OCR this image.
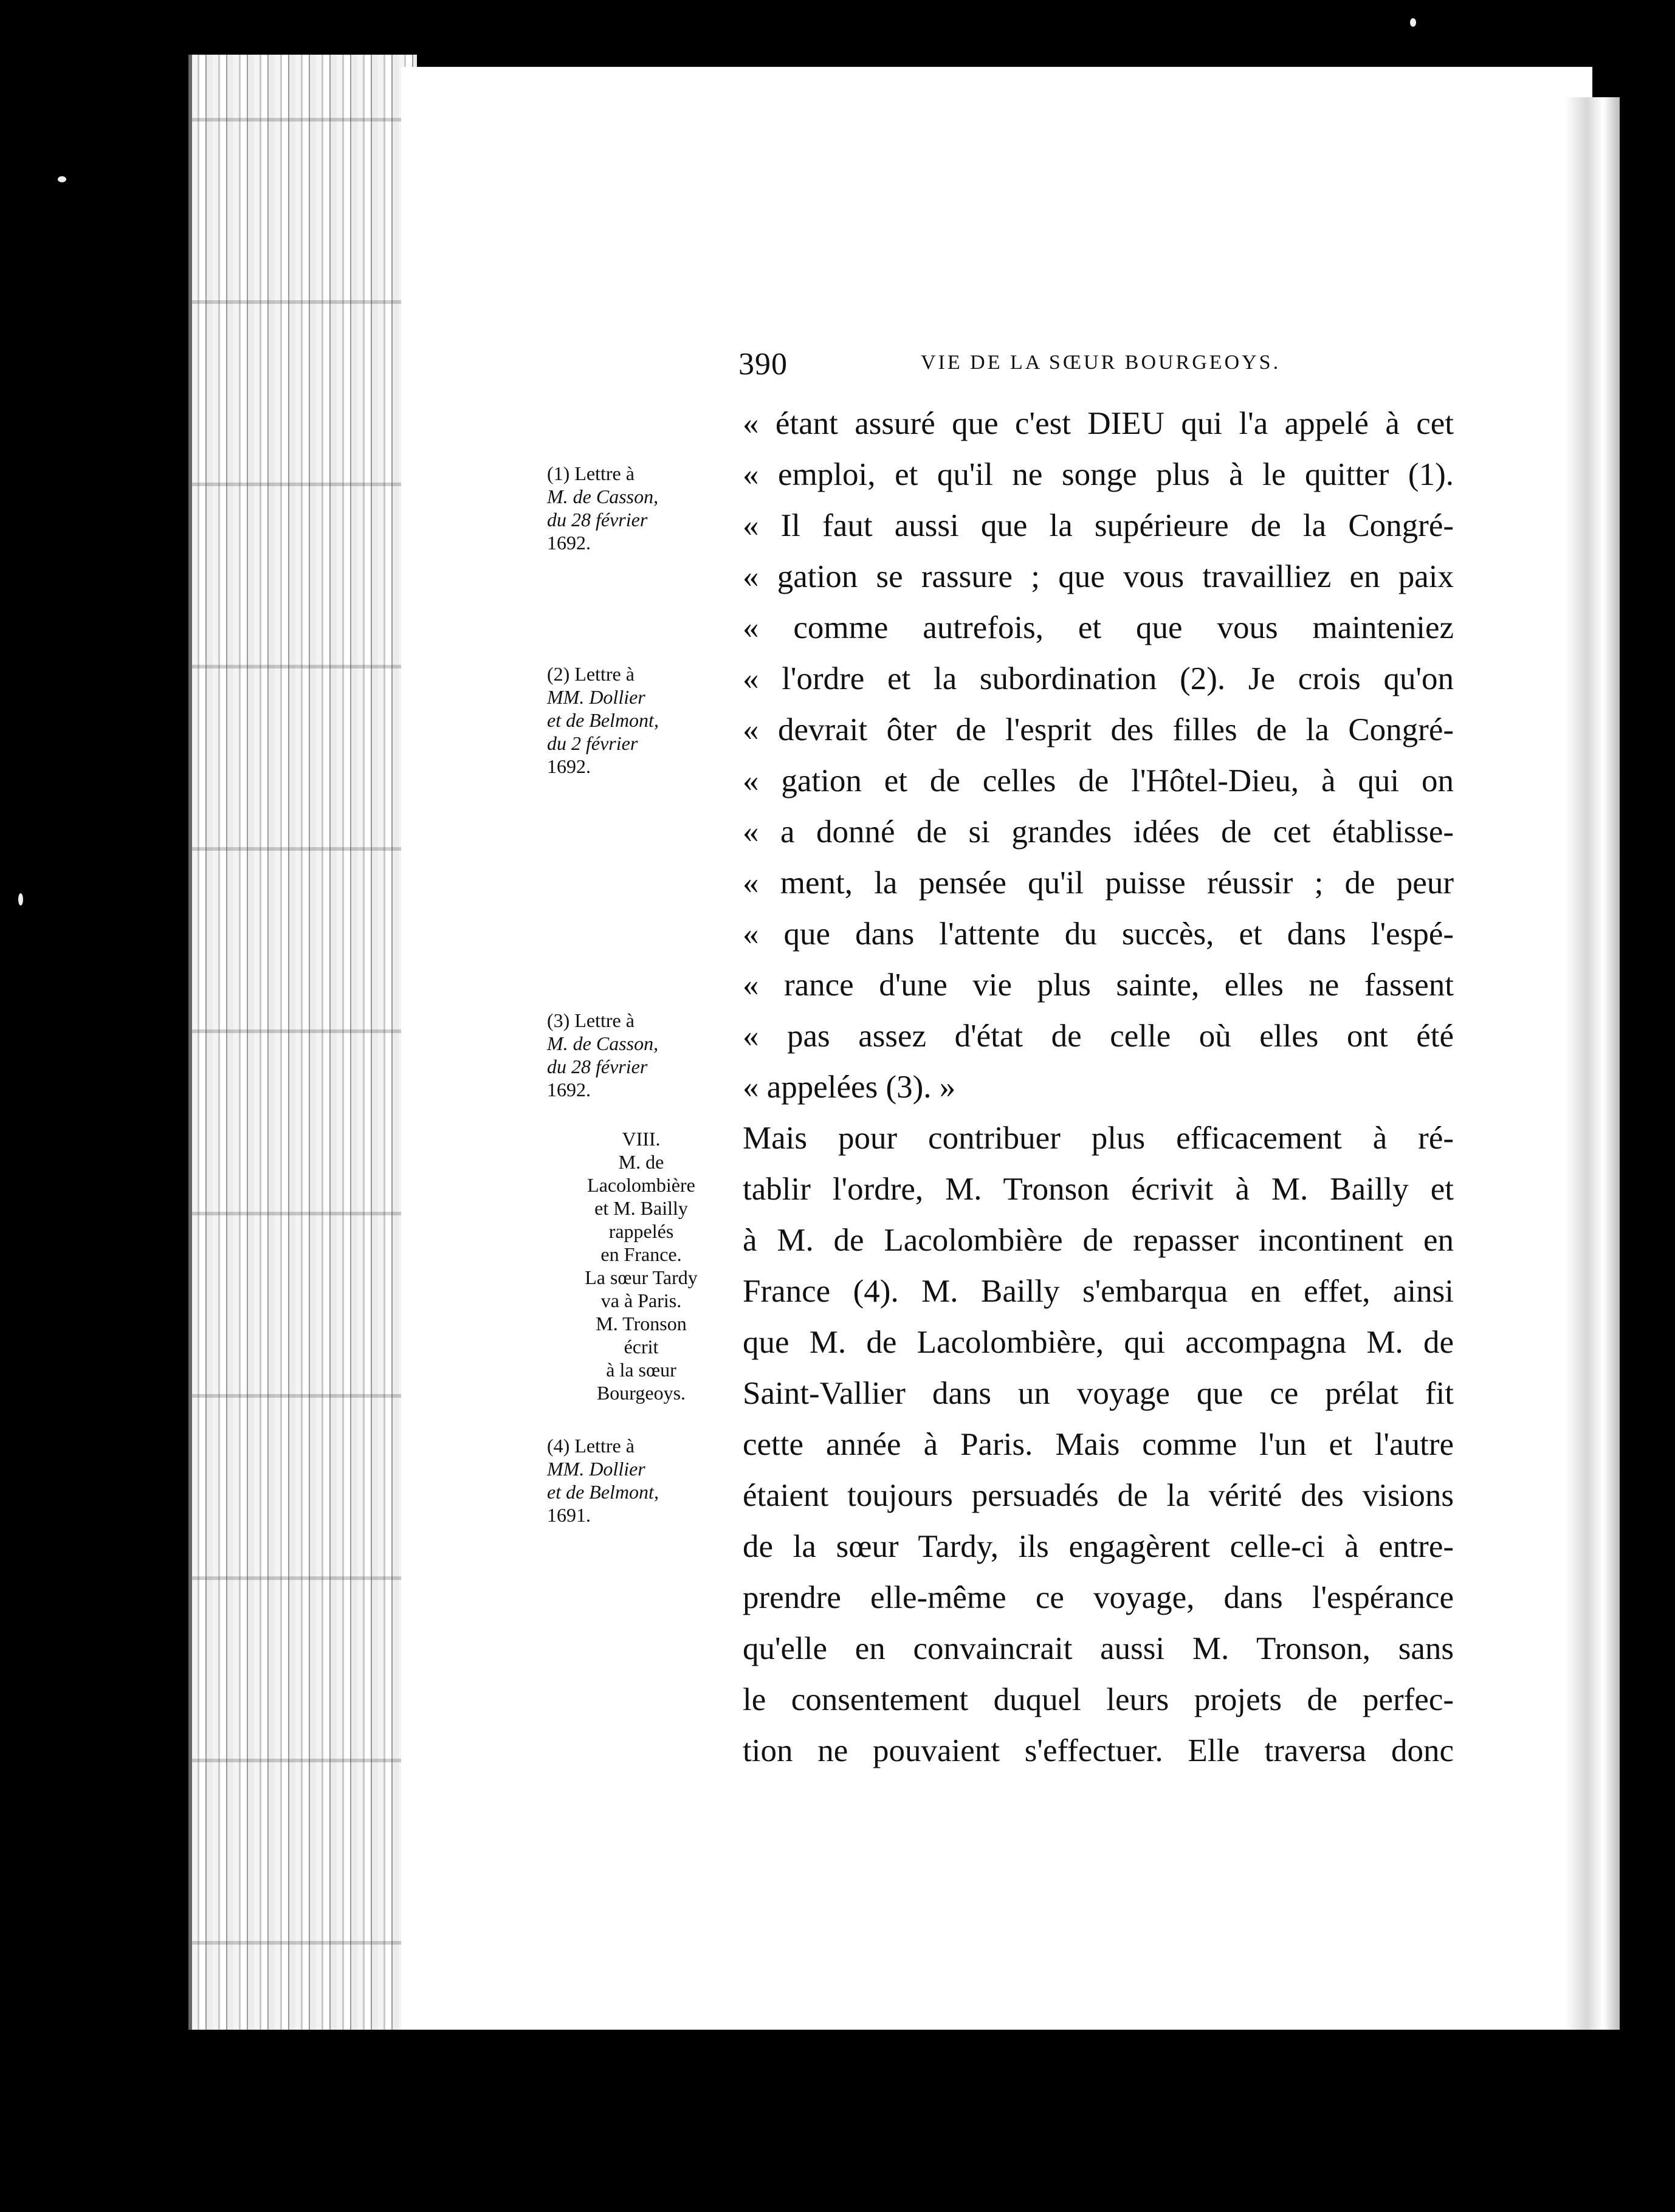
390	VIE DE LA SŒUR BOURGEOYS.
« étant assuré que c'est DIEU qui l'a appelé à cet
« emploi, et qu'il ne songe plus à le quitter (1).
« Il faut aussi que la supérieure de la Congré-
« gation se rassure ; que vous travailliez en paix
« comme autrefois, et que vous mainteniez
« l'ordre et la subordination (2). Je crois qu'on
« devrait ôter de l'esprit des filles de la Congré-
« gation et de celles de l'Hôtel-Dieu, à qui on
« a donné de si grandes idées de cet établisse-
« ment, la pensée qu'il puisse réussir ; de peur
« que dans l'attente du succès, et dans l'espé-
« rance d'une vie plus sainte, elles ne fassent
« pas assez d'état de celle où elles ont été
« appelées (3). »
Mais pour contribuer plus efficacement à ré-
tablir l'ordre, M. Tronson écrivit à M. Bailly et
à M. de Lacolombière de repasser incontinent en
France (4). M. Bailly s'embarqua en effet, ainsi
que M. de Lacolombière, qui accompagna M. de
Saint-Vallier dans un voyage que ce prélat fit
cette année à Paris. Mais comme l'un et l'autre
étaient toujours persuadés de la vérité des visions
de la sœur Tardy, ils engagèrent celle-ci à entre-
prendre elle-même ce voyage, dans l'espérance
qu'elle en convaincrait aussi M. Tronson, sans
le consentement duquel leurs projets de perfec-
tion ne pouvaient s'effectuer. Elle traversa donc
(1) Lettre à
M. de Casson,
du 28 février
1692.
(2) Lettre à
MM. Dollier
et de Belmont,
du 2 février
1692.
(3) Lettre à
M. de Casson,
du 28 février
1692.
VIII.
M. de
Lacolombière
et M. Bailly
rappelés
en France.
La sœur Tardy
va à Paris.
M. Tronson
écrit
à la sœur
Bourgeoys.
(4) Lettre à
MM. Dollier
et de Belmont,
1691.
